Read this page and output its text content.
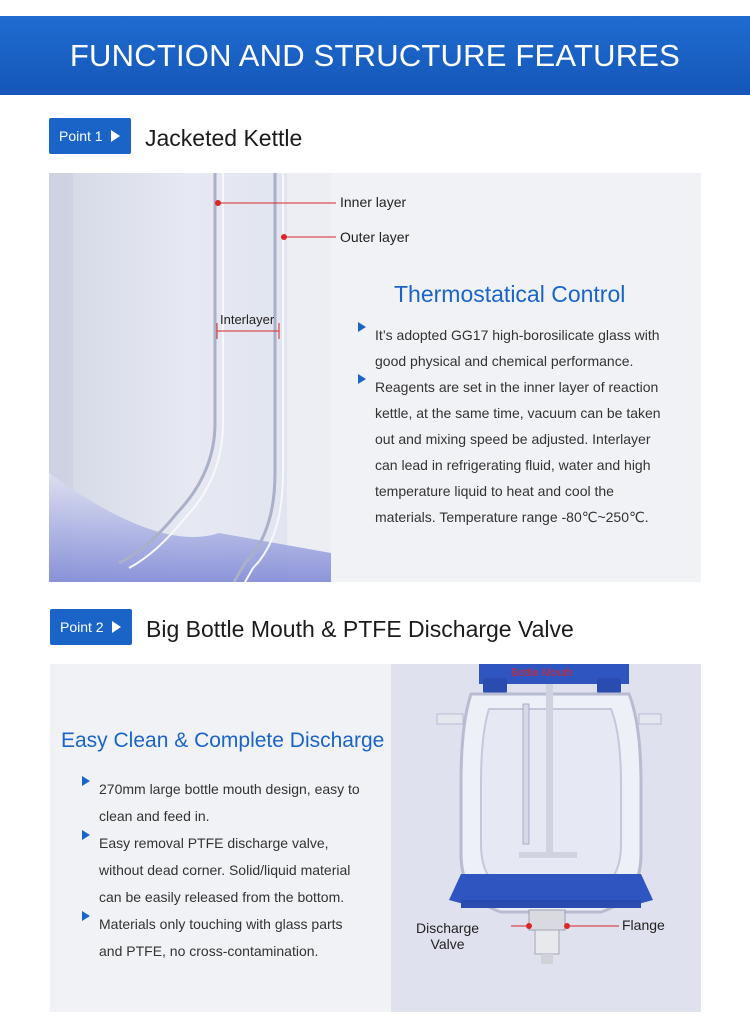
FUNCTION AND STRUCTURE FEATURES
Point 1 Jacketed Kettle
Inner layer
Outer layer
Interlayer
Thermostatical Control
It’s adopted GG17 high-borosilicate glass with good physical and chemical performance.
Reagents are set in the inner layer of reaction kettle, at the same time, vacuum can be taken out and mixing speed be adjusted. Interlayer can lead in refrigerating fluid, water and high temperature liquid to heat and cool the materials. Temperature range -80℃~250℃.
Point 2 Big Bottle Mouth & PTFE Discharge Valve
Easy Clean & Complete Discharge
270mm large bottle mouth design, easy to clean and feed in.
Easy removal PTFE discharge valve, without dead corner. Solid/liquid material can be easily released from the bottom.
Materials only touching with glass parts and PTFE, no cross-contamination.
Bottle Mouth
Discharge
Valve
Flange
